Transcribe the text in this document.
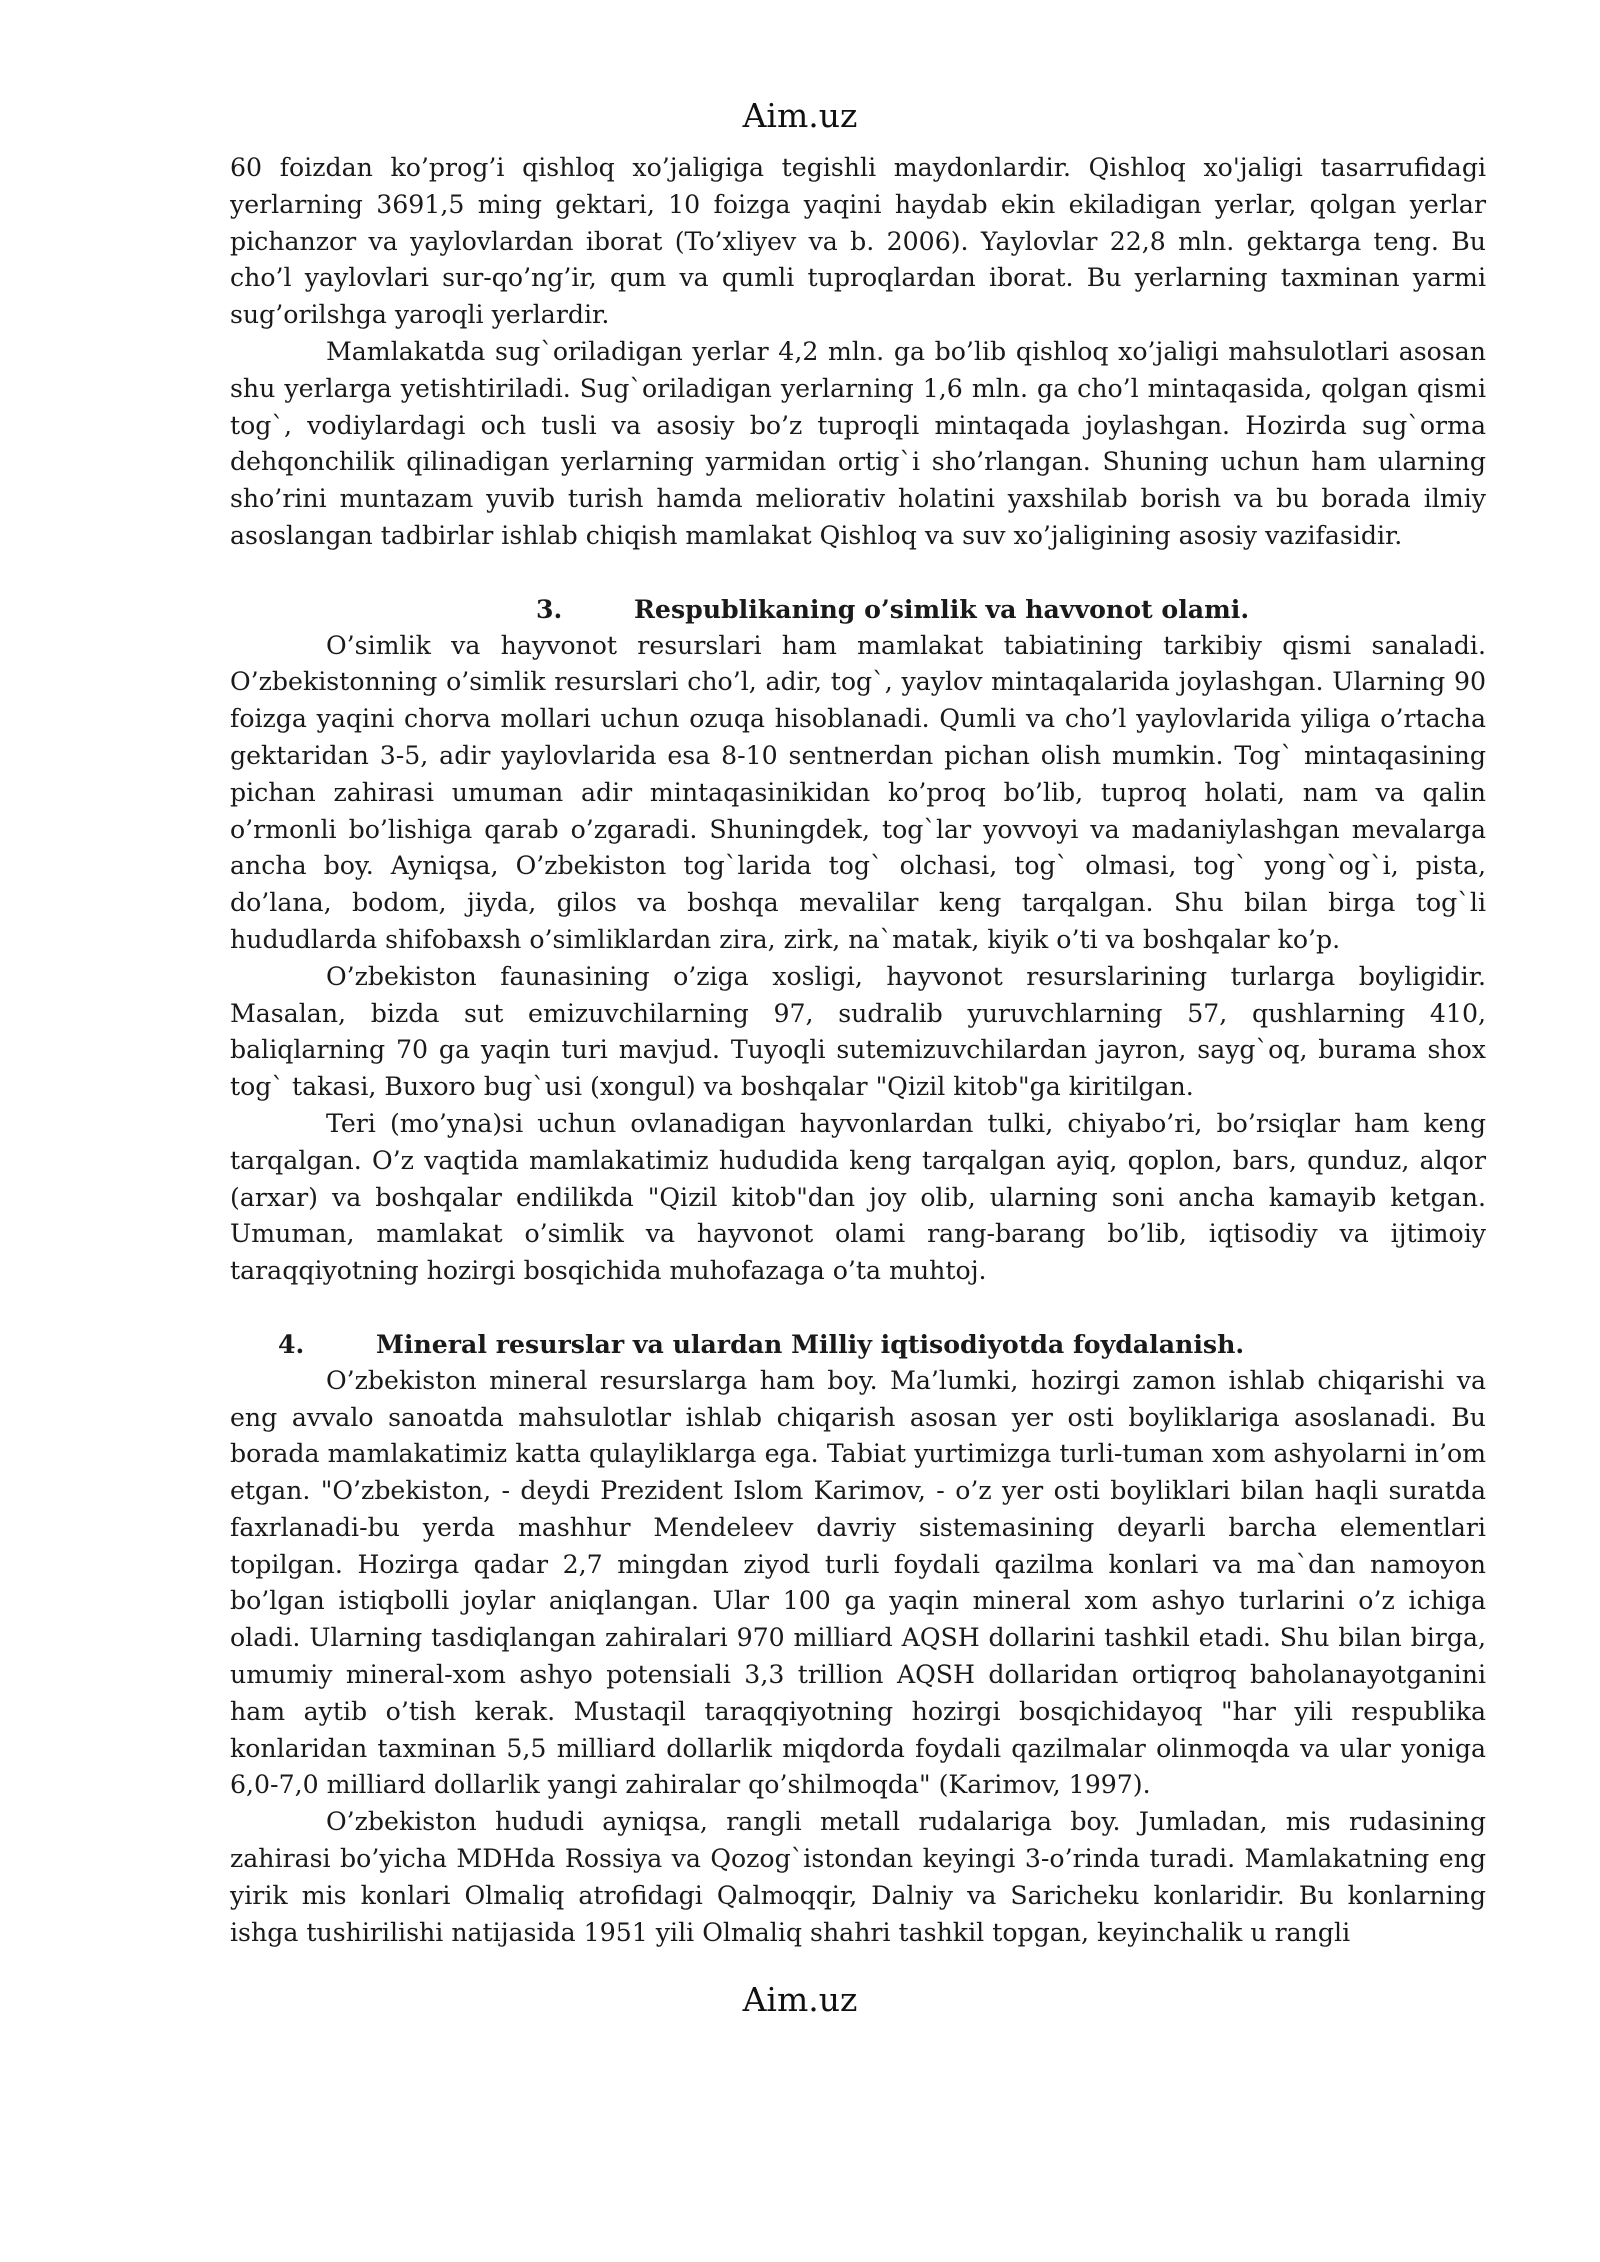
Aim.uz

60 foizdan ko’prog’i qishloq xo’jaligiga tegishli maydonlardir. Qishloq xo'jaligi tasarrufidagi yerlarning 3691,5 ming gektari, 10 foizga yaqini haydab ekin ekiladigan yerlar, qolgan yerlar pichanzor va yaylovlardan iborat (To’xliyev va b. 2006). Yaylovlar 22,8 mln. gektarga teng. Bu cho’l yaylovlari sur-qo’ng’ir, qum va qumli tuproqlardan iborat. Bu yerlarning taxminan yarmi sug’orilshga yaroqli yerlardir.

Mamlakatda sug`oriladigan yerlar 4,2 mln. ga bo’lib qishloq xo’jaligi mahsulotlari asosan shu yerlarga yetishtiriladi. Sug`oriladigan yerlarning 1,6 mln. ga cho’l mintaqasida, qolgan qismi tog`, vodiylardagi och tusli va asosiy bo’z tuproqli mintaqada joylashgan. Hozirda sug`orma dehqonchilik qilinadigan yerlarning yarmidan ortig`i sho’rlangan. Shuning uchun ham ularning sho’rini muntazam yuvib turish hamda meliorativ holatini yaxshilab borish va bu borada ilmiy asoslangan tadbirlar ishlab chiqish mamlakat Qishloq va suv xo’jaligining asosiy vazifasidir.

3.	Respublikaning o’simlik va havvonot olami.

O’simlik va hayvonot resurslari ham mamlakat tabiatining tarkibiy qismi sanaladi. O’zbekistonning o’simlik resurslari cho’l, adir, tog`, yaylov mintaqalarida joylashgan. Ularning 90 foizga yaqini chorva mollari uchun ozuqa hisoblanadi. Qumli va cho’l yaylovlarida yiliga o’rtacha gektaridan 3-5, adir yaylovlarida esa 8-10 sentnerdan pichan olish mumkin. Tog` mintaqasining pichan zahirasi umuman adir mintaqasinikidan ko’proq bo’lib, tuproq holati, nam va qalin o’rmonli bo’lishiga qarab o’zgaradi. Shuningdek, tog`lar yovvoyi va madaniylashgan mevalarga ancha boy. Ayniqsa, O’zbekiston tog`larida tog` olchasi, tog` olmasi, tog` yong`og`i, pista, do’lana, bodom, jiyda, gilos va boshqa mevalilar keng tarqalgan. Shu bilan birga tog`li hududlarda shifobaxsh o’simliklardan zira, zirk, na`matak, kiyik o’ti va boshqalar ko’p.

O’zbekiston faunasining o’ziga xosligi, hayvonot resurslarining turlarga boyligidir. Masalan, bizda sut emizuvchilarning 97, sudralib yuruvchlarning 57, qushlarning 410, baliqlarning 70 ga yaqin turi mavjud. Tuyoqli sutemizuvchilardan jayron, sayg`oq, burama shox tog` takasi, Buxoro bug`usi (xongul) va boshqalar "Qizil kitob"ga kiritilgan.

Teri (mo’yna)si uchun ovlanadigan hayvonlardan tulki, chiyabo’ri, bo’rsiqlar ham keng tarqalgan. O’z vaqtida mamlakatimiz hududida keng tarqalgan ayiq, qoplon, bars, qunduz, alqor (arxar) va boshqalar endilikda "Qizil kitob"dan joy olib, ularning soni ancha kamayib ketgan. Umuman, mamlakat o’simlik va hayvonot olami rang-barang bo’lib, iqtisodiy va ijtimoiy taraqqiyotning hozirgi bosqichida muhofazaga o’ta muhtoj.

4.	Mineral resurslar va ulardan Milliy iqtisodiyotda foydalanish.

O’zbekiston mineral resurslarga ham boy. Ma’lumki, hozirgi zamon ishlab chiqarishi va eng avvalo sanoatda mahsulotlar ishlab chiqarish asosan yer osti boyliklariga asoslanadi. Bu borada mamlakatimiz katta qulayliklarga ega. Tabiat yurtimizga turli-tuman xom ashyolarni in’om etgan. "O’zbekiston, - deydi Prezident Islom Karimov, - o’z yer osti boyliklari bilan haqli suratda faxrlanadi-bu yerda mashhur Mendeleev davriy sistemasining deyarli barcha elementlari topilgan. Hozirga qadar 2,7 mingdan ziyod turli foydali qazilma konlari va ma`dan namoyon bo’lgan istiqbolli joylar aniqlangan. Ular 100 ga yaqin mineral xom ashyo turlarini o’z ichiga oladi. Ularning tasdiqlangan zahiralari 970 milliard AQSH dollarini tashkil etadi. Shu bilan birga, umumiy mineral-xom ashyo potensiali 3,3 trillion AQSH dollaridan ortiqroq baholanayotganini ham aytib o’tish kerak. Mustaqil taraqqiyotning hozirgi bosqichidayoq "har yili respublika konlaridan taxminan 5,5 milliard dollarlik miqdorda foydali qazilmalar olinmoqda va ular yoniga 6,0-7,0 milliard dollarlik yangi zahiralar qo’shilmoqda" (Karimov, 1997).

O’zbekiston hududi ayniqsa, rangli metall rudalariga boy. Jumladan, mis rudasining zahirasi bo’yicha MDHda Rossiya va Qozog`istondan keyingi 3-o’rinda turadi. Mamlakatning eng yirik mis konlari Olmaliq atrofidagi Qalmoqqir, Dalniy va Saricheku konlaridir. Bu konlarning ishga tushirilishi natijasida 1951 yili Olmaliq shahri tashkil topgan, keyinchalik u rangli

Aim.uz
